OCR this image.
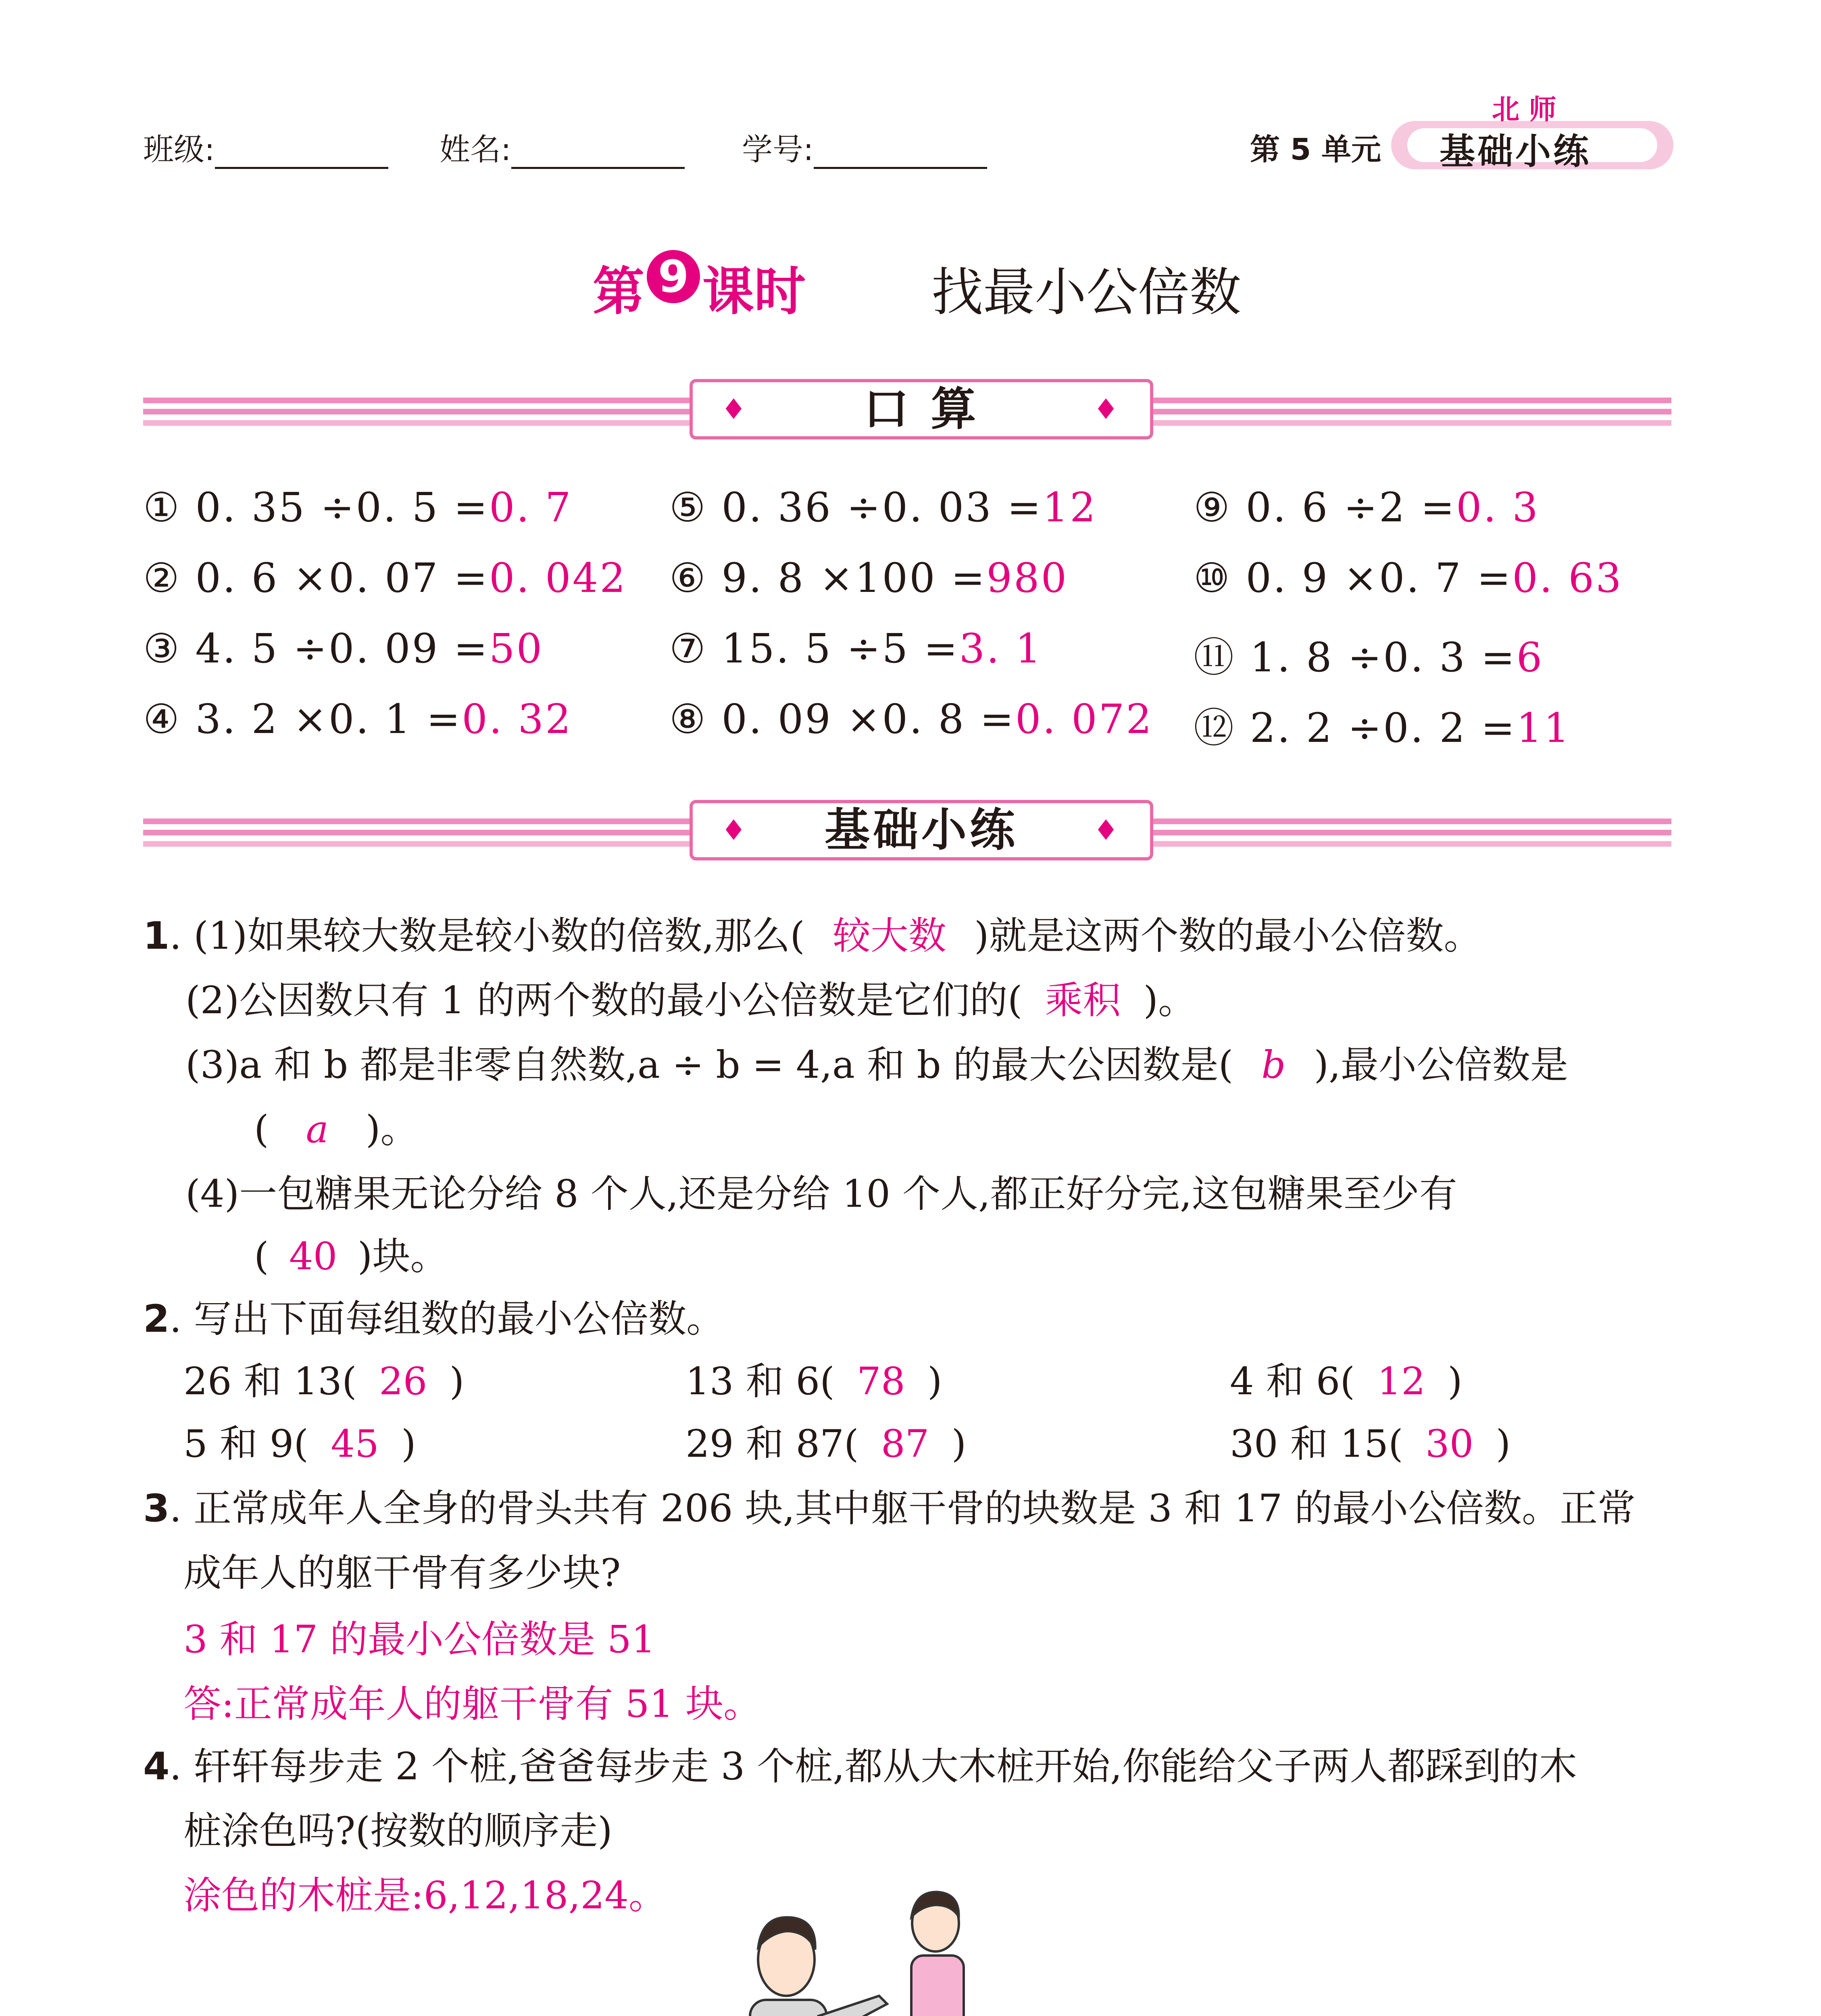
班级:	姓名:	学号:	第 5 单元
北 师
基础小练
第 9 课时 找最小公倍数
♦	口 算	♦
① 0. 35 ÷0. 5 =0. 7
② 0. 6 ×0. 07 =0. 042
③ 4. 5 ÷0. 09 =50
④ 3. 2 ×0. 1 =0. 32
⑤ 0. 36 ÷0. 03 =12
⑥ 9. 8 ×100 =980
⑦ 15. 5 ÷5 =3. 1
⑧ 0. 09 ×0. 8 =0. 072
⑨ 0. 6 ÷2 =0. 3
⑩ 0. 9 ×0. 7 =0. 63
⑪ 1. 8 ÷0. 3 =6
⑫ 2. 2 ÷0. 2 =11
♦ 基础小练	♦
1. (1)如果较大数是较小数的倍数,那么( 较大数 )就是这两个数的最小公倍数。
(2)公因数只有 1 的两个数的最小公倍数是它们的( 乘积 )。
(3)a 和 b 都是非零自然数,a ÷ b = 4,a 和 b 的最大公因数是( b ),最小公倍数是
( a )。
(4)一包糖果无论分给 8 个人,还是分给 10 个人,都正好分完,这包糖果至少有
( 40 )块。
2. 写出下面每组数的最小公倍数。
26 和 13( 26 )	13 和 6( 78 )	4 和 6( 12 )
5 和 9( 45 )	29 和 87( 87 )	30 和 15( 30 )
3. 正常成年人全身的骨头共有 206 块,其中躯干骨的块数是 3 和 17 的最小公倍数。正常
成年人的躯干骨有多少块?
3 和 17 的最小公倍数是 51
答:正常成年人的躯干骨有 51 块。
4. 轩轩每步走 2 个桩,爸爸每步走 3 个桩,都从大木桩开始,你能给父子两人都踩到的木
桩涂色吗?(按数的顺序走)
涂色的木桩是:6,12,18,24。
